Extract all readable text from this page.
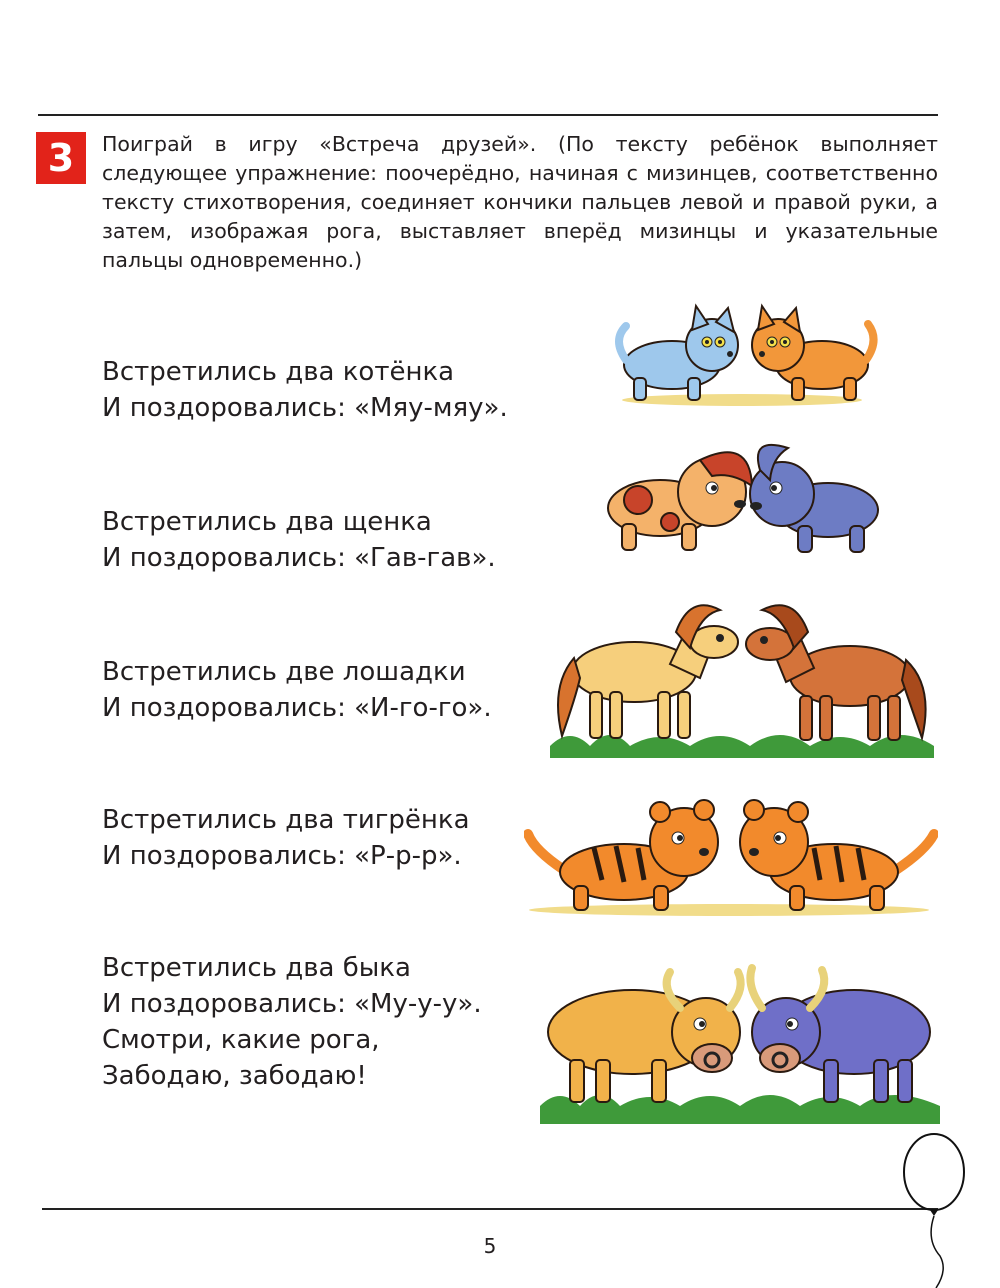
3	Поиграй в игру «Встреча друзей». (По тексту ребёнок выполняет следующее упражнение: поочерёдно, начиная с мизинцев, соответственно тексту стихотворения, соединяет кончики пальцев левой и правой руки, а затем, изображая рога, выставляет вперёд мизинцы и указательные пальцы одновременно.)
Встретились два котёнка
И поздоровались: «Мяу-мяу».
Встретились два щенка
И поздоровались: «Гав-гав».
Встретились две лошадки
И поздоровались: «И-го-го».
Встретились два тигрёнка
И поздоровались: «Р-р-р».
Встретились два быка
И поздоровались: «Му-у-у».
Смотри, какие рога,
Забодаю, забодаю!
5
